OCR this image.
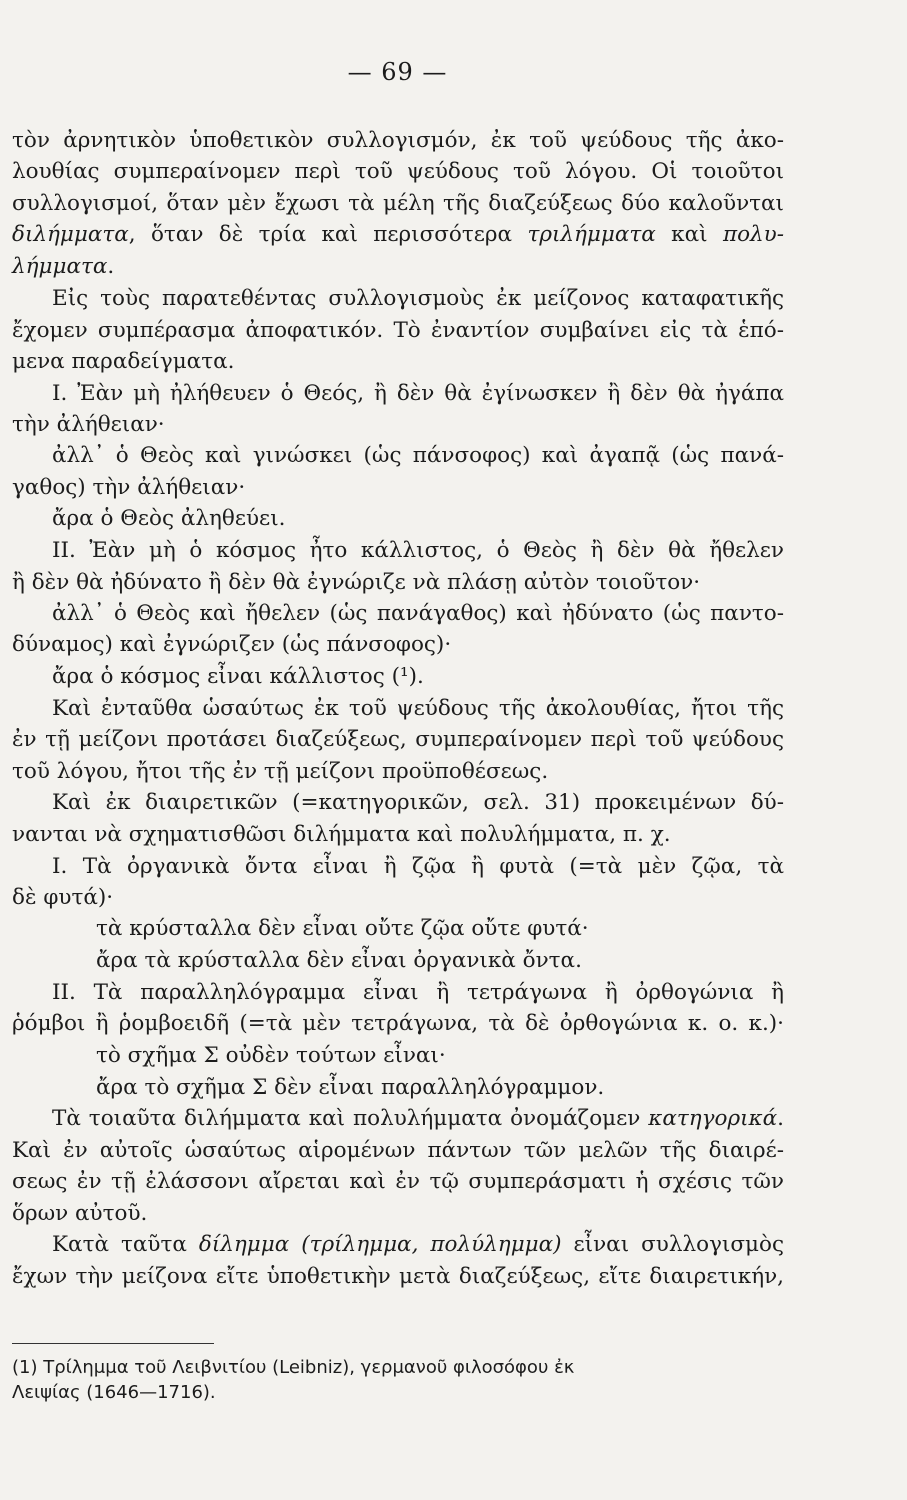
— 69 —
τὸν ἀρνητικὸν ὑποθετικὸν συλλογισμόν, ἐκ τοῦ ψεύδους τῆς ἀκο-
λουθίας συμπεραίνομεν περὶ τοῦ ψεύδους τοῦ λόγου. Οἱ τοιοῦτοι
συλλογισμοί, ὅταν μὲν ἔχωσι τὰ μέλη τῆς διαζεύξεως δύο καλοῦνται
διλήμματα, ὅταν δὲ τρία καὶ περισσότερα τριλήμματα καὶ πολυ-
λήμματα.
Εἰς τοὺς παρατεθέντας συλλογισμοὺς ἐκ μείζονος καταφατικῆς
ἔχομεν συμπέρασμα ἀποφατικόν. Τὸ ἐναντίον συμβαίνει εἰς τὰ ἑπό-
μενα παραδείγματα.
Ι. Ἐὰν μὴ ἠλήθευεν ὁ Θεός, ἢ δὲν θὰ ἐγίνωσκεν ἢ δὲν θὰ ἠγάπα
τὴν ἀλήθειαν·
ἀλλ᾽ ὁ Θεὸς καὶ γινώσκει (ὡς πάνσοφος) καὶ ἀγαπᾷ (ὡς πανά-
γαθος) τὴν ἀλήθειαν·
ἄρα ὁ Θεὸς ἀληθεύει.
ΙΙ. Ἐὰν μὴ ὁ κόσμος ἦτο κάλλιστος, ὁ Θεὸς ἢ δὲν θὰ ἤθελεν
ἢ δὲν θὰ ἠδύνατο ἢ δὲν θὰ ἐγνώριζε νὰ πλάσῃ αὐτὸν τοιοῦτον·
ἀλλ᾽ ὁ Θεὸς καὶ ἤθελεν (ὡς πανάγαθος) καὶ ἠδύνατο (ὡς παντο-
δύναμος) καὶ ἐγνώριζεν (ὡς πάνσοφος)·
ἄρα ὁ κόσμος εἶναι κάλλιστος (¹).
Καὶ ἐνταῦθα ὡσαύτως ἐκ τοῦ ψεύδους τῆς ἀκολουθίας, ἤτοι τῆς
ἐν τῇ μείζονι προτάσει διαζεύξεως, συμπεραίνομεν περὶ τοῦ ψεύδους
τοῦ λόγου, ἤτοι τῆς ἐν τῇ μείζονι προϋποθέσεως.
Καὶ ἐκ διαιρετικῶν (=κατηγορικῶν, σελ. 31) προκειμένων δύ-
νανται νὰ σχηματισθῶσι διλήμματα καὶ πολυλήμματα, π. χ.
Ι. Τὰ ὀργανικὰ ὄντα εἶναι ἢ ζῷα ἢ φυτὰ (=τὰ μὲν ζῷα, τὰ
δὲ φυτά)·
τὰ κρύσταλλα δὲν εἶναι οὔτε ζῷα οὔτε φυτά·
ἄρα τὰ κρύσταλλα δὲν εἶναι ὀργανικὰ ὄντα.
ΙΙ. Τὰ παραλληλόγραμμα εἶναι ἢ τετράγωνα ἢ ὀρθογώνια ἢ
ῥόμβοι ἢ ῥομβοειδῆ (=τὰ μὲν τετράγωνα, τὰ δὲ ὀρθογώνια κ. ο. κ.)·
τὸ σχῆμα Σ οὐδὲν τούτων εἶναι·
ἄρα τὸ σχῆμα Σ δὲν εἶναι παραλληλόγραμμον.
Τὰ τοιαῦτα διλήμματα καὶ πολυλήμματα ὀνομάζομεν κατηγορικά.
Καὶ ἐν αὐτοῖς ὡσαύτως αἱρομένων πάντων τῶν μελῶν τῆς διαιρέ-
σεως ἐν τῇ ἐλάσσονι αἴρεται καὶ ἐν τῷ συμπεράσματι ἡ σχέσις τῶν
ὅρων αὐτοῦ.
Κατὰ ταῦτα δίλημμα (τρίλημμα, πολύλημμα) εἶναι συλλογισμὸς
ἔχων τὴν μείζονα εἴτε ὑποθετικὴν μετὰ διαζεύξεως, εἴτε διαιρετικήν,
(1) Τρίλημμα τοῦ Λειβνιτίου (Leibniz), γερμανοῦ φιλοσόφου ἐκ
Λειψίας (1646—1716).
